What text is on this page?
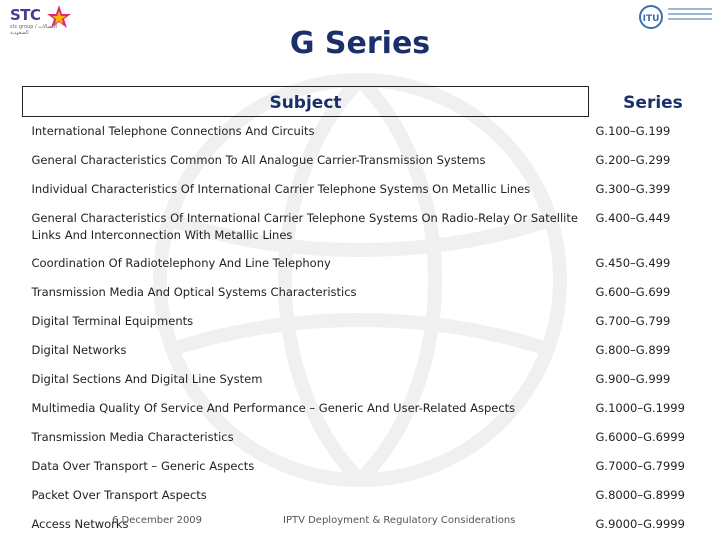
STC
stc group / الاتصالات السعودية
ITU
G Series
Subject	Series
International Telephone Connections And Circuits	G.100–G.199
General Characteristics Common To All Analogue Carrier-Transmission Systems	G.200–G.299
Individual Characteristics Of International Carrier Telephone Systems On Metallic Lines	G.300–G.399
General Characteristics Of International Carrier Telephone Systems On Radio-Relay Or Satellite Links And Interconnection With Metallic Lines	G.400–G.449
Coordination Of Radiotelephony And Line Telephony	G.450–G.499
Transmission Media And Optical Systems Characteristics	G.600–G.699
Digital Terminal Equipments	G.700–G.799
Digital Networks	G.800–G.899
Digital Sections And Digital Line System	G.900–G.999
Multimedia Quality Of Service And Performance – Generic And User-Related Aspects	G.1000–G.1999
Transmission Media Characteristics	G.6000–G.6999
Data Over Transport – Generic Aspects	G.7000–G.7999
Packet Over Transport Aspects	G.8000–G.8999
Access Networks	G.9000–G.9999
6 December 2009	IPTV Deployment & Regulatory Considerations
